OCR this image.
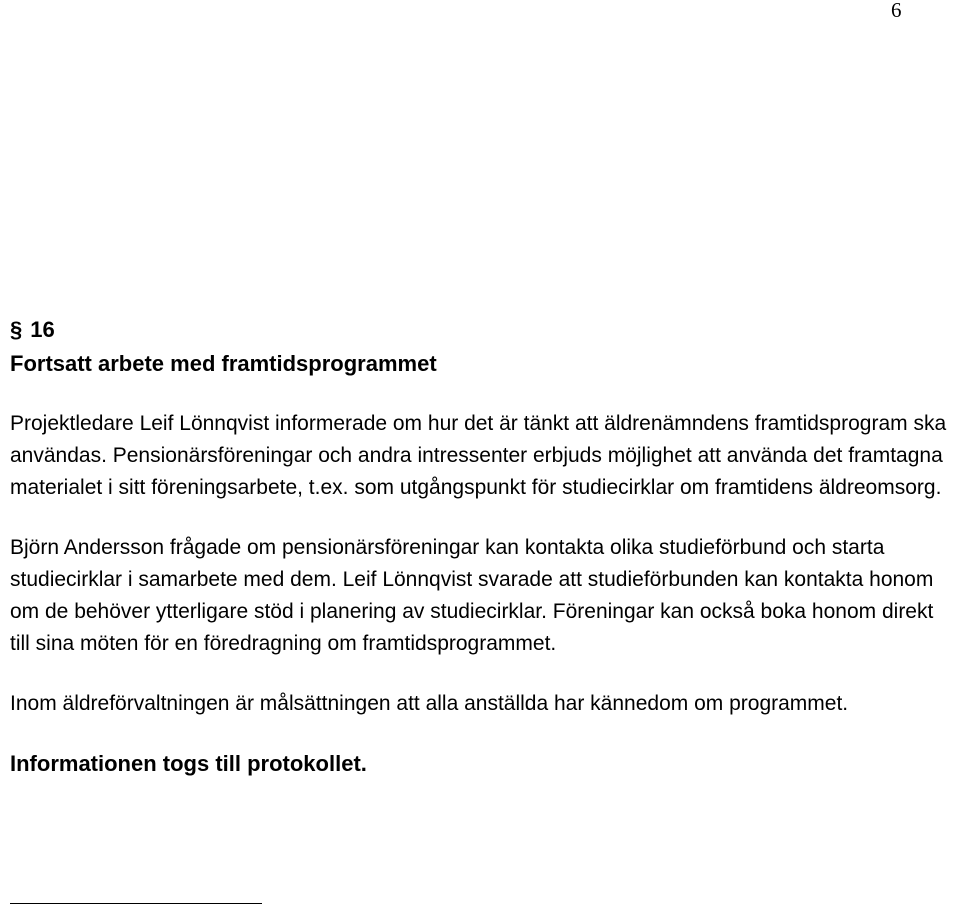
6
§ 16
Fortsatt arbete med framtidsprogrammet

Projektledare Leif Lönnqvist informerade om hur det är tänkt att äldrenämndens framtidsprogram ska användas. Pensionärsföreningar och andra intressenter erbjuds möjlighet att använda det framtagna materialet i sitt föreningsarbete, t.ex. som utgångspunkt för studiecirklar om framtidens äldreomsorg.

Björn Andersson frågade om pensionärsföreningar kan kontakta olika studieförbund och starta studiecirklar i samarbete med dem. Leif Lönnqvist svarade att studieförbunden kan kontakta honom om de behöver ytterligare stöd i planering av studiecirklar. Föreningar kan också boka honom direkt till sina möten för en föredragning om framtidsprogrammet.

Inom äldreförvaltningen är målsättningen att alla anställda har kännedom om programmet.

Informationen togs till protokollet.
